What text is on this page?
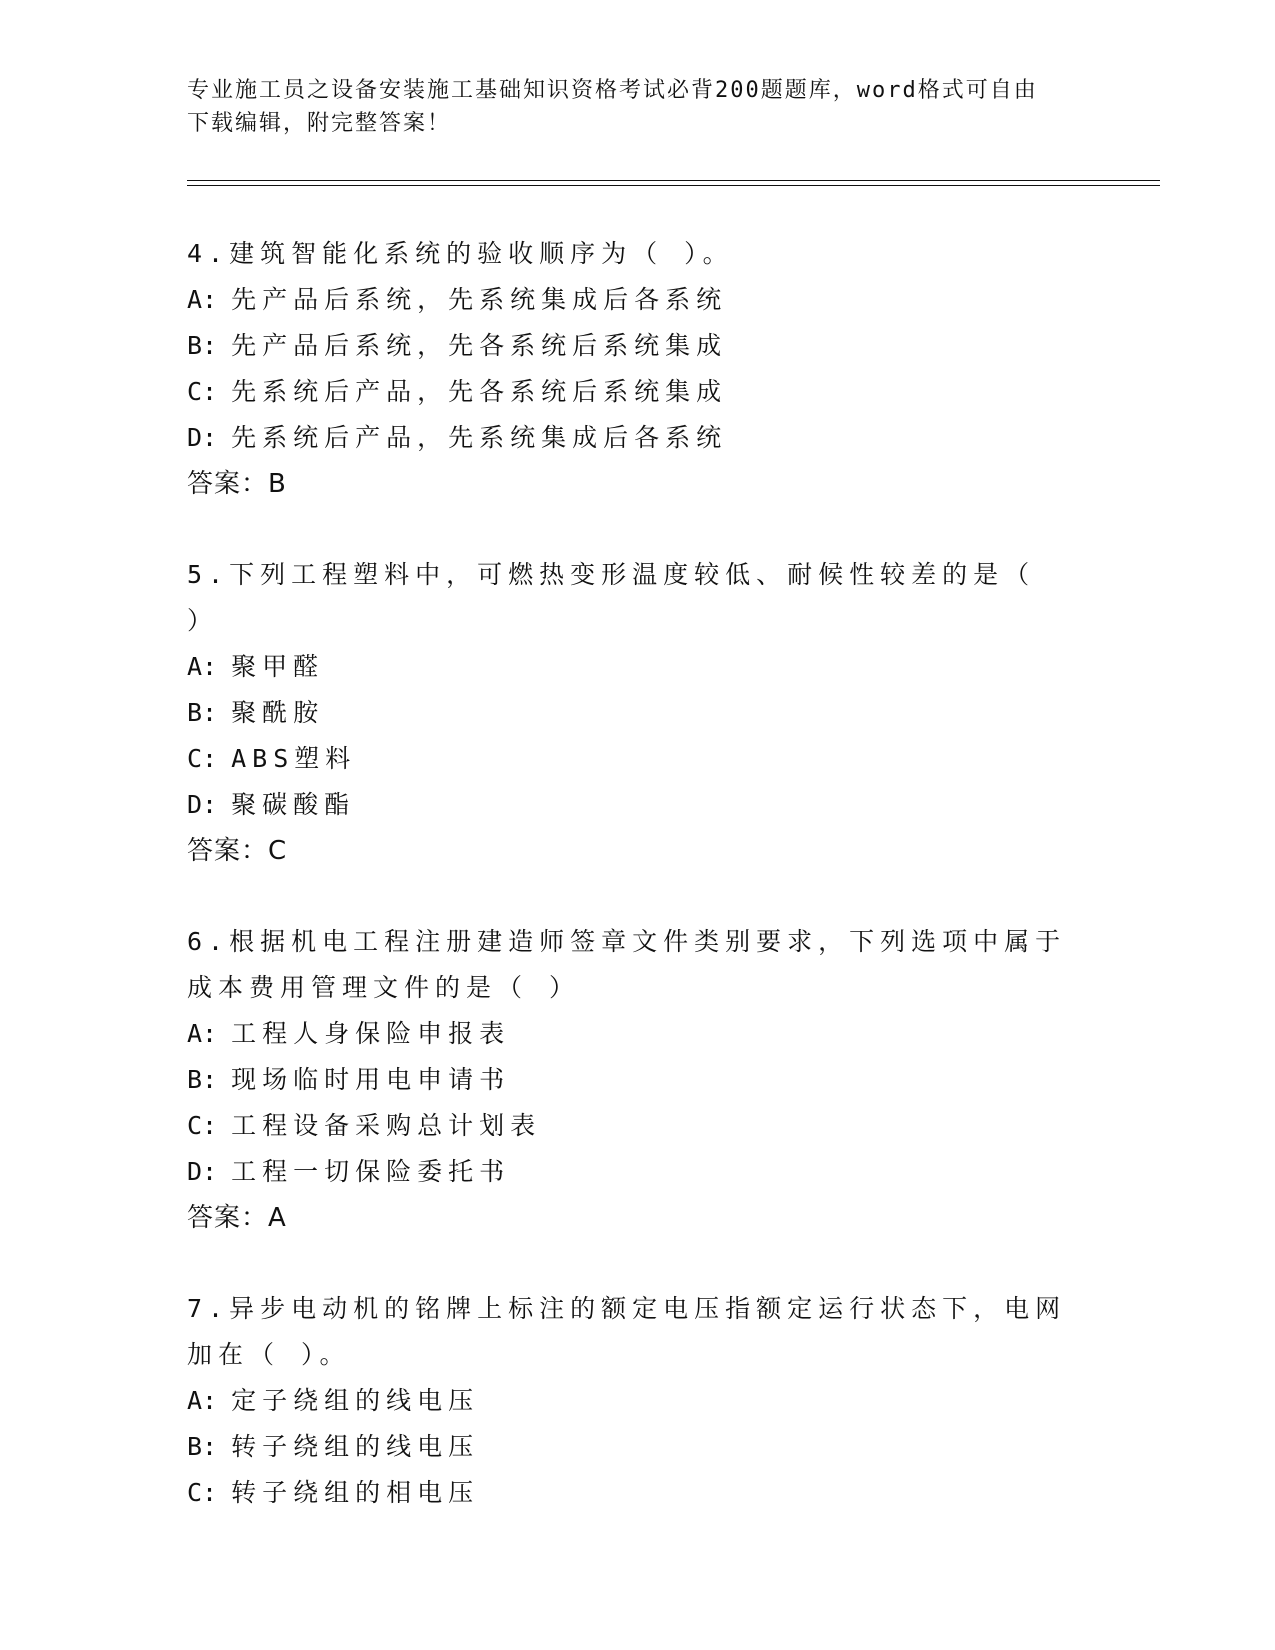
专业施工员之设备安装施工基础知识资格考试必背200题题库，word格式可自由
下载编辑，附完整答案！

4.建筑智能化系统的验收顺序为（ ）。

A: 先产品后系统，先系统集成后各系统

B: 先产品后系统，先各系统后系统集成

C: 先系统后产品，先各系统后系统集成

D: 先系统后产品，先系统集成后各系统

答案：B

5.下列工程塑料中，可燃热变形温度较低、耐候性较差的是（ ）

A: 聚甲醛

B: 聚酰胺

C: ABS塑料

D: 聚碳酸酯

答案：C

6.根据机电工程注册建造师签章文件类别要求，下列选项中属于成本费用管理文件的是（ ）

A: 工程人身保险申报表

B: 现场临时用电申请书

C: 工程设备采购总计划表

D: 工程一切保险委托书

答案：A

7.异步电动机的铭牌上标注的额定电压指额定运行状态下，电网加在（ ）。

A: 定子绕组的线电压

B: 转子绕组的线电压

C: 转子绕组的相电压
